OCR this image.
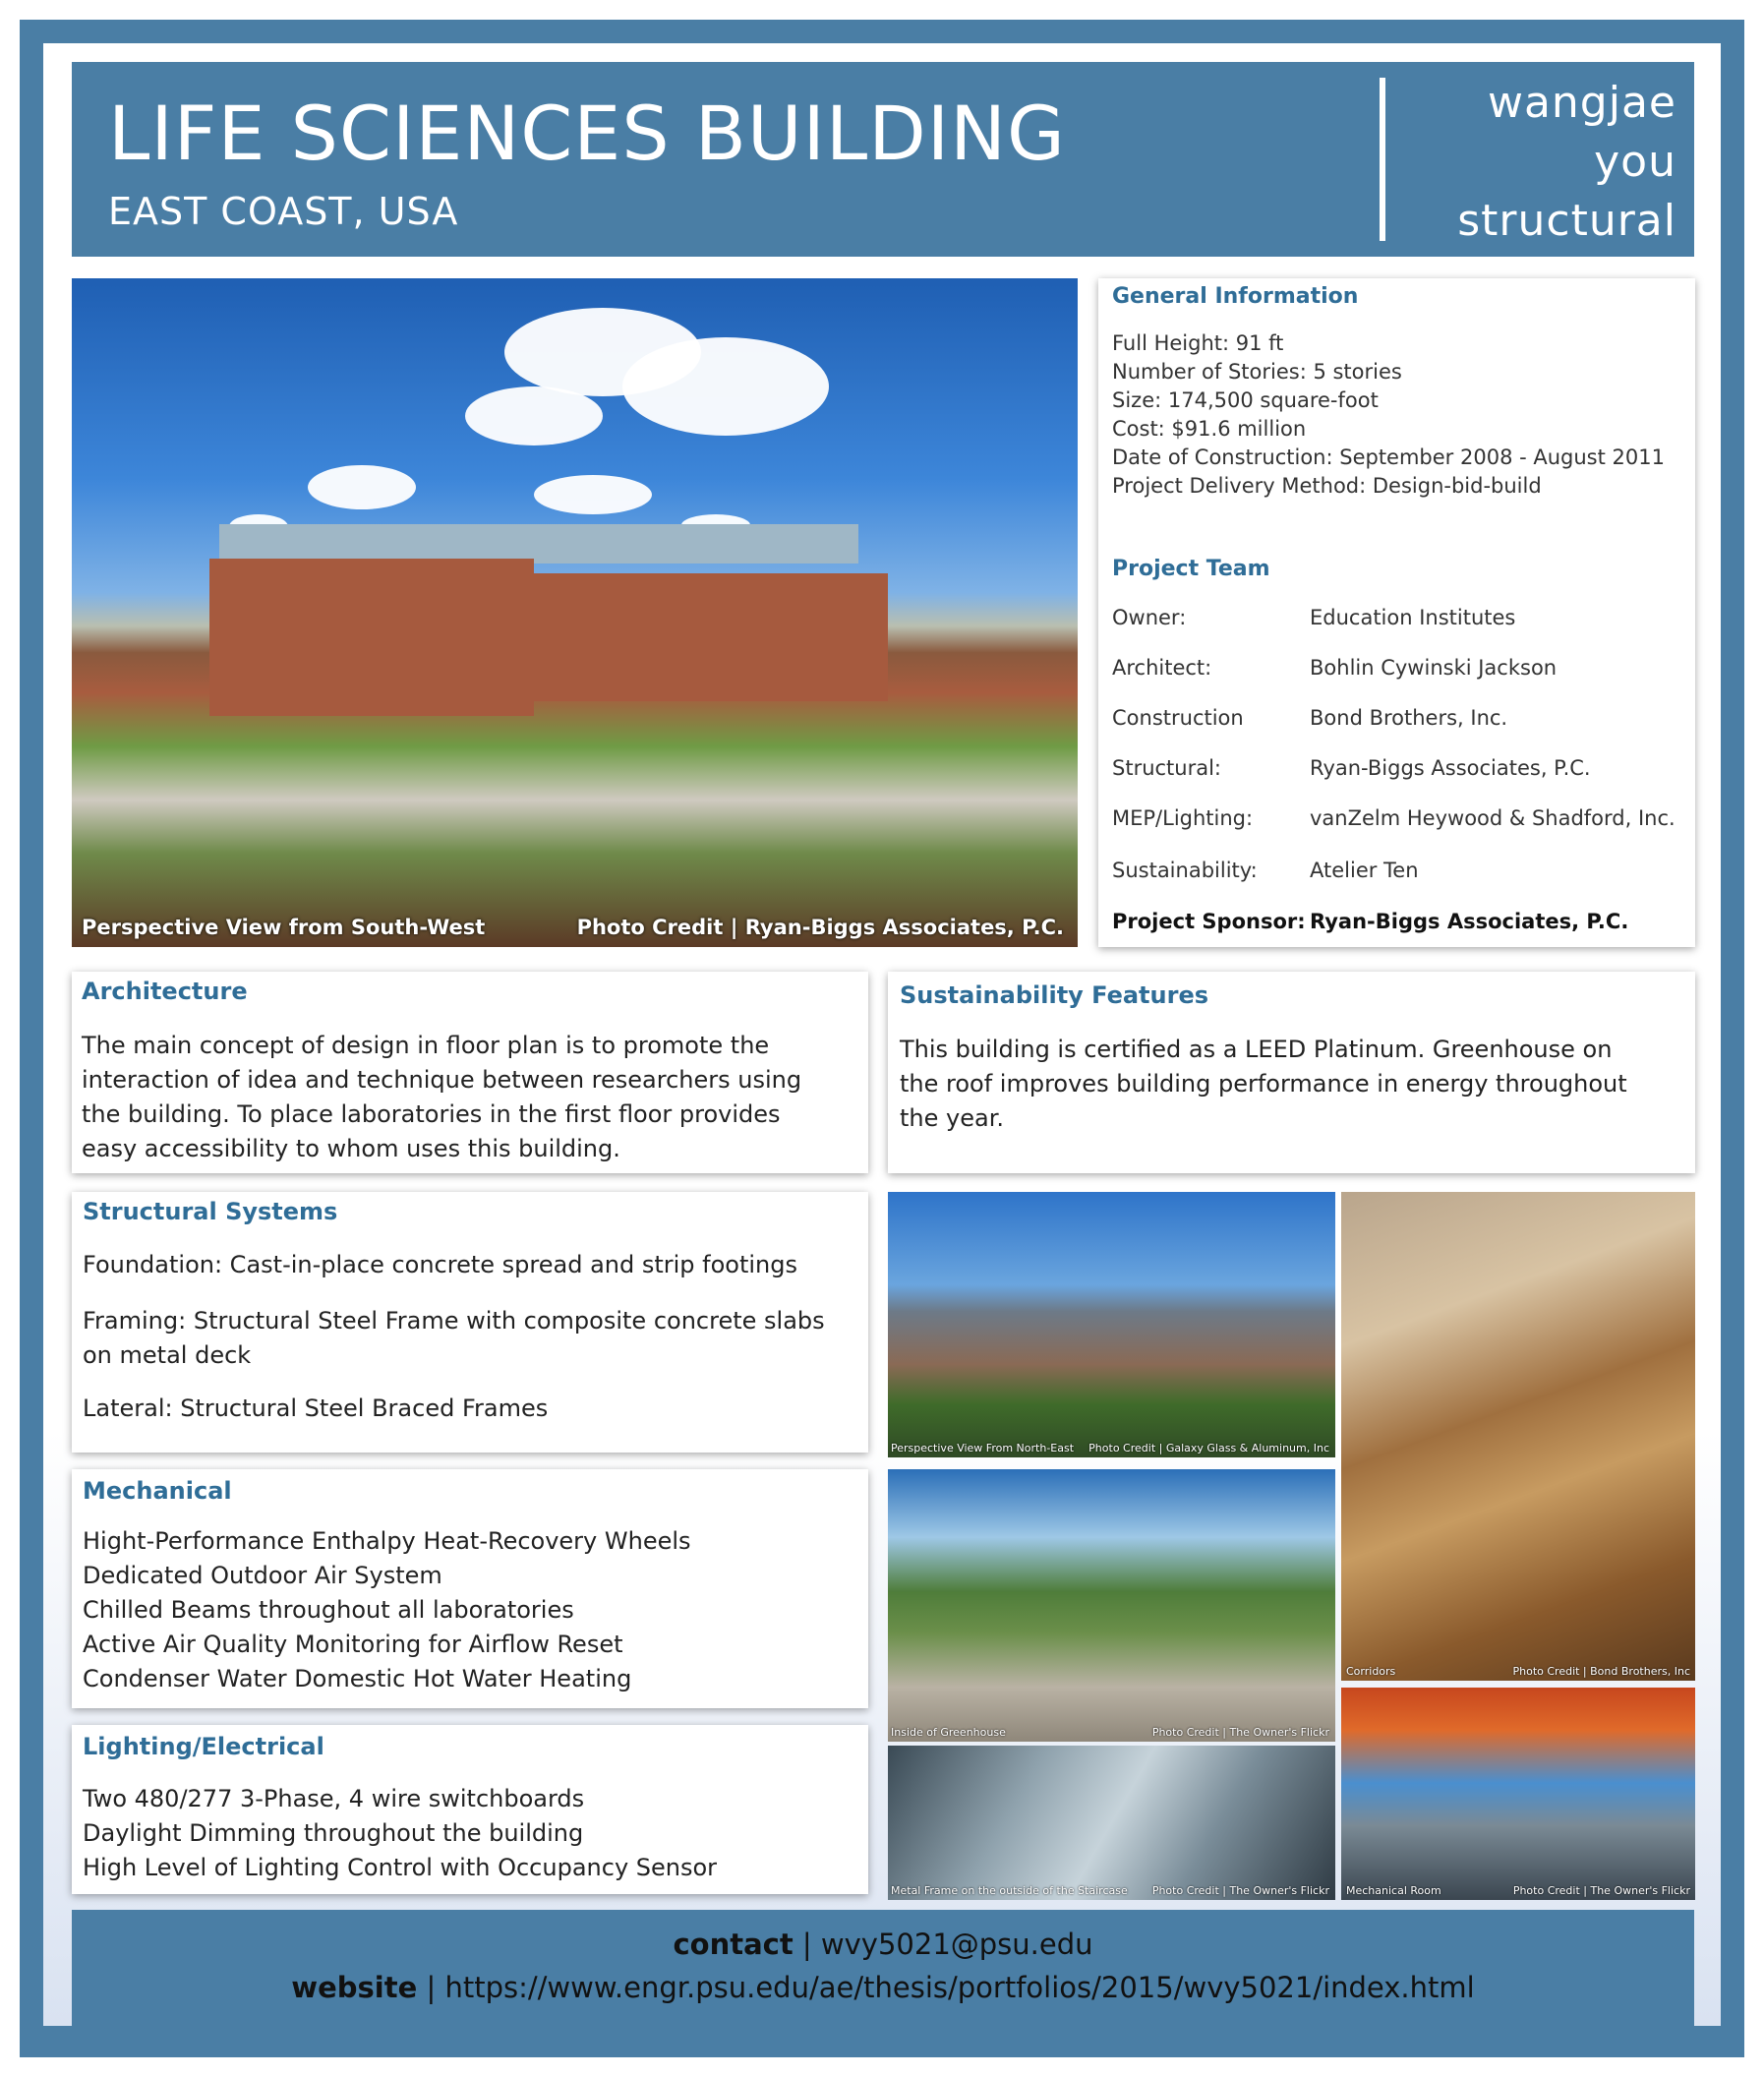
LIFE SCIENCES BUILDING
EAST COAST, USA
wangjae
you
structural
Perspective View from South-West	Photo Credit | Ryan-Biggs Associates, P.C.
General Information
Full Height: 91 ft
Number of Stories: 5 stories
Size: 174,500 square-foot
Cost: $91.6 million
Date of Construction: September 2008 - August 2011
Project Delivery Method: Design-bid-build
Project Team
Owner:	Education Institutes
Architect:	Bohlin Cywinski Jackson
Construction	Bond Brothers, Inc.
Structural:	Ryan-Biggs Associates, P.C.
MEP/Lighting:	vanZelm Heywood & Shadford, Inc.
Sustainability:	Atelier Ten
Project Sponsor: Ryan-Biggs Associates, P.C.
Architecture
The main concept of design in floor plan is to promote the
interaction of idea and technique between researchers using
the building. To place laboratories in the first floor provides
easy accessibility to whom uses this building.
Sustainability Features
This building is certified as a LEED Platinum. Greenhouse on
the roof improves building performance in energy throughout
the year.
Structural Systems
Foundation: Cast-in-place concrete spread and strip footings
Framing: Structural Steel Frame with composite concrete slabs
on metal deck
Lateral: Structural Steel Braced Frames
Mechanical
Hight-Performance Enthalpy Heat-Recovery Wheels
Dedicated Outdoor Air System
Chilled Beams throughout all laboratories
Active Air Quality Monitoring for Airflow Reset
Condenser Water Domestic Hot Water Heating
Lighting/Electrical
Two 480/277 3-Phase, 4 wire switchboards
Daylight Dimming throughout the building
High Level of Lighting Control with Occupancy Sensor
Perspective View From North-East Photo Credit | Galaxy Glass & Aluminum, Inc
Corridors	Photo Credit | Bond Brothers, Inc
Inside of Greenhouse	Photo Credit | The Owner's Flickr
Metal Frame on the outside of the Staircase Photo Credit | The Owner's Flickr Mechanical Room	Photo Credit | The Owner's Flickr
contact | wvy5021@psu.edu
website | https://www.engr.psu.edu/ae/thesis/portfolios/2015/wvy5021/index.html
